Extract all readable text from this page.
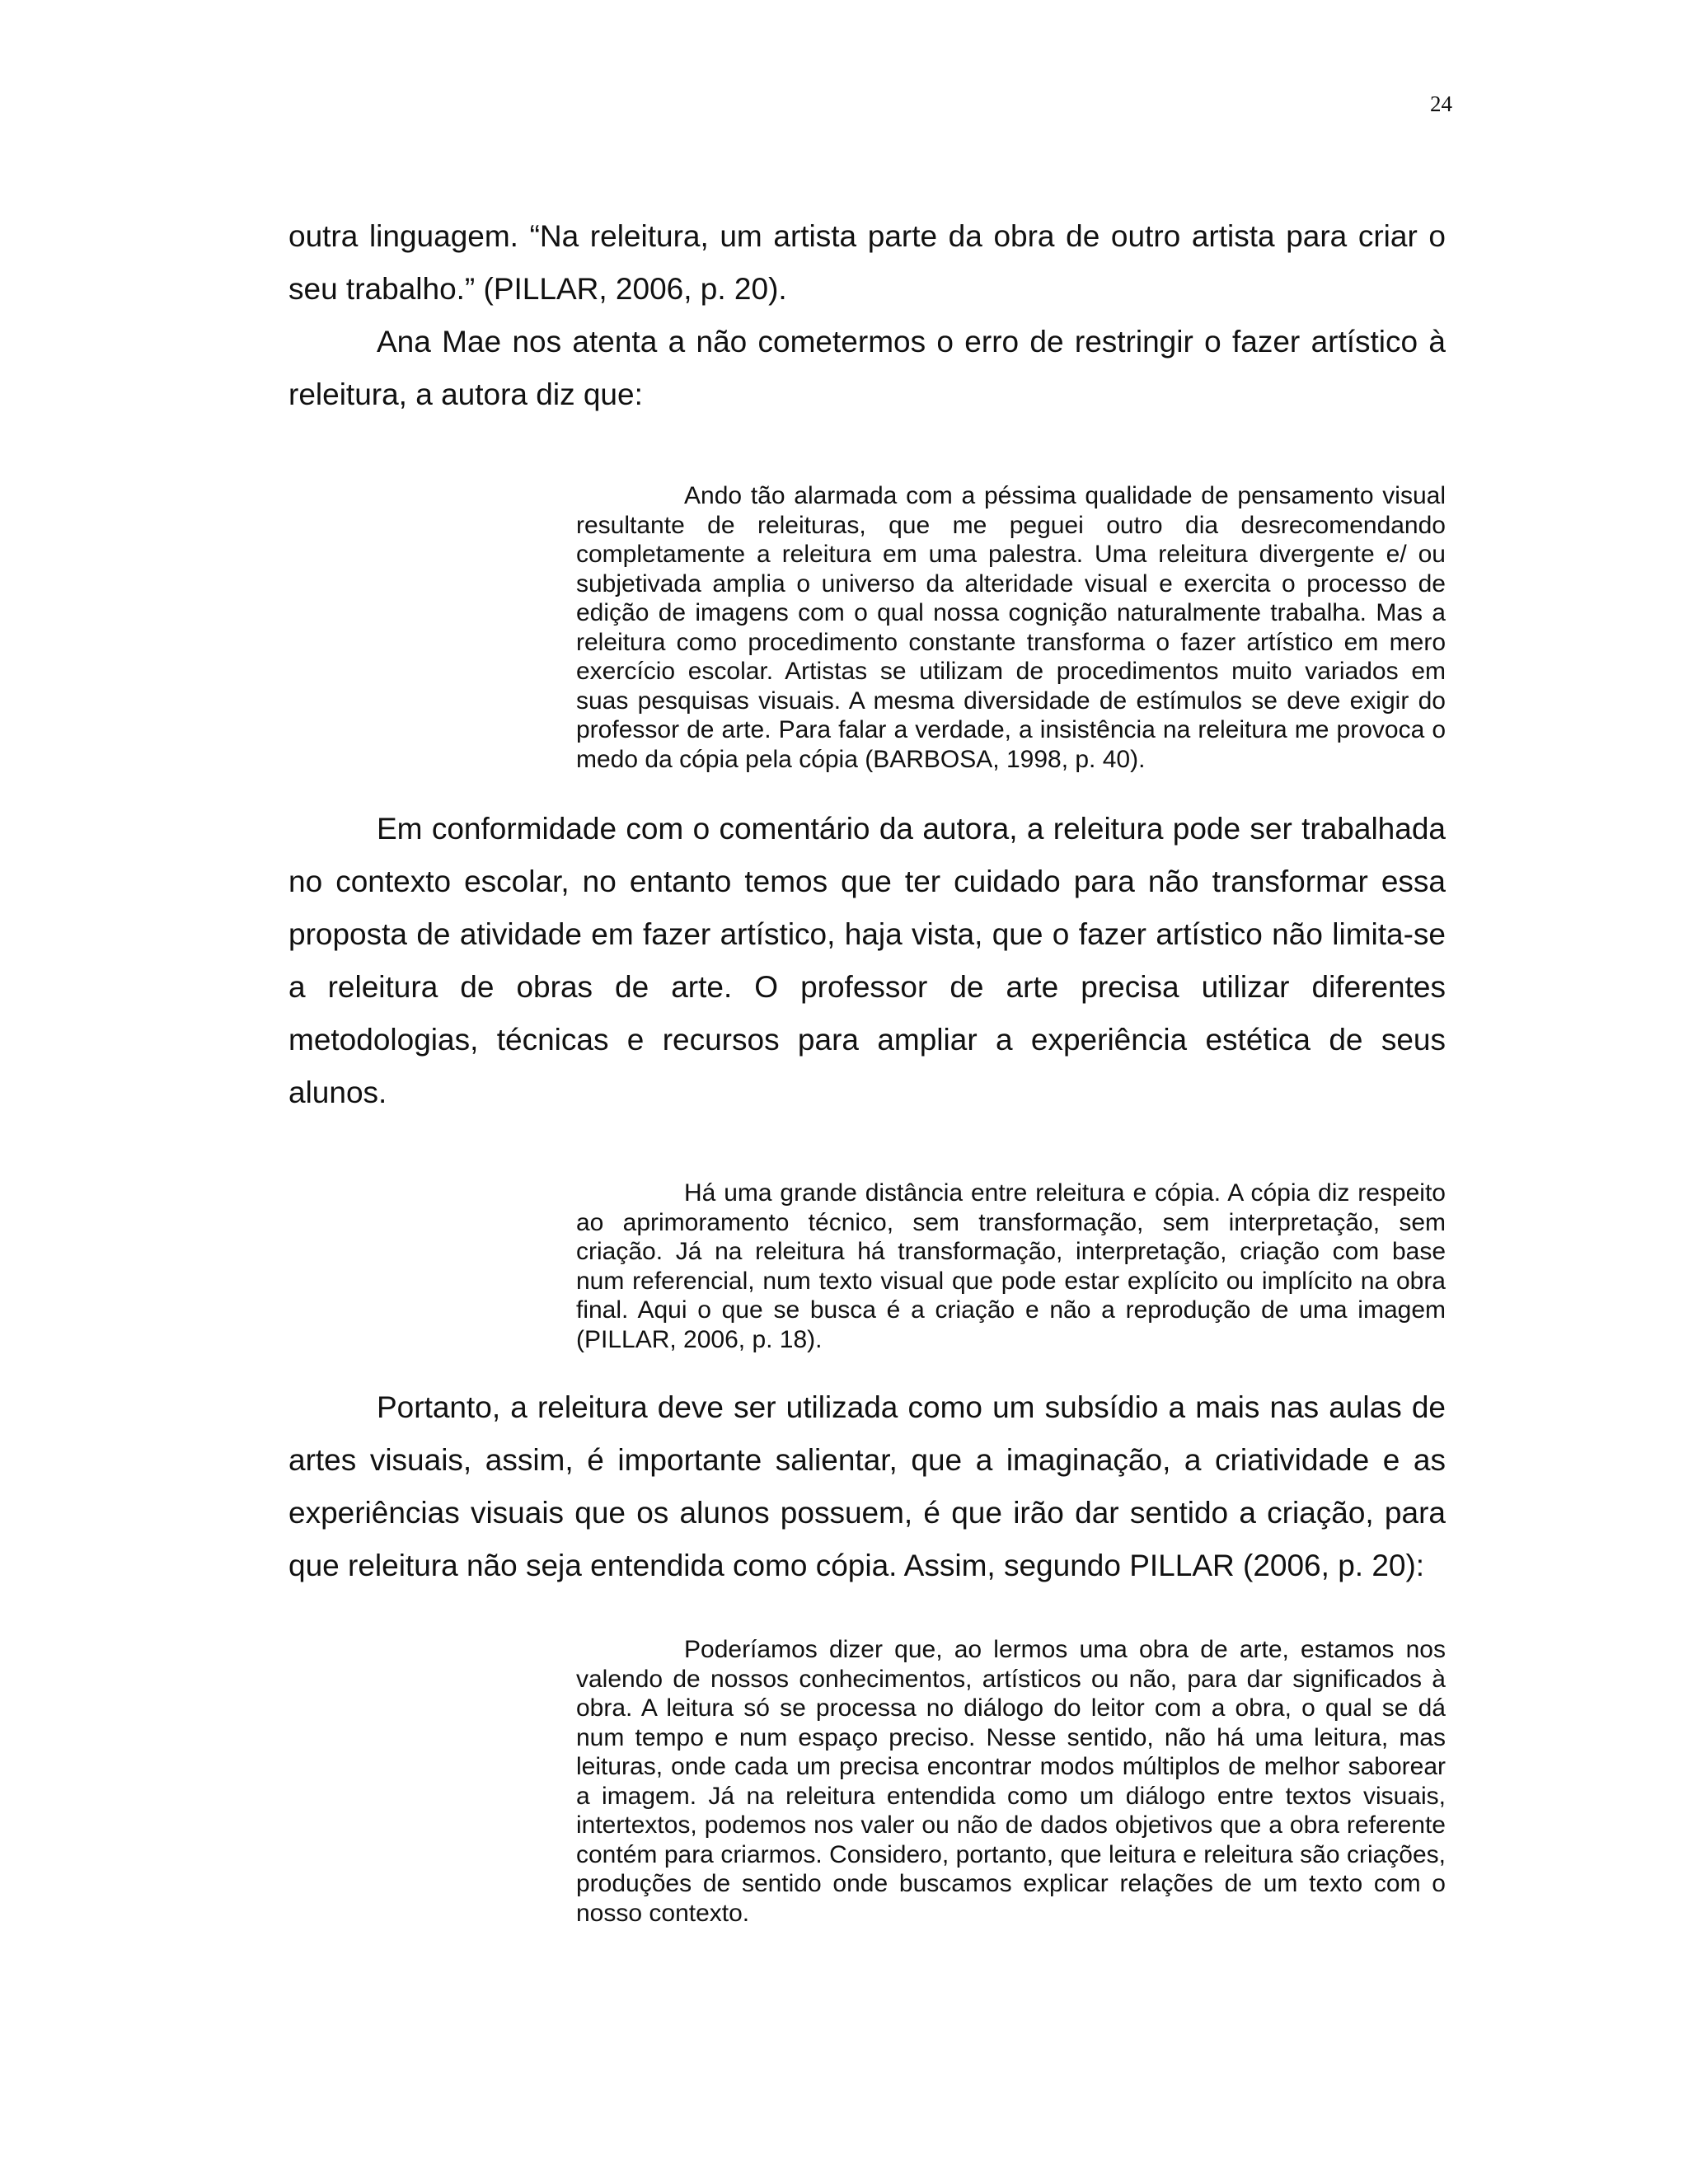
24

outra linguagem. “Na releitura, um artista parte da obra de outro artista para criar o seu trabalho.” (PILLAR, 2006, p. 20).

Ana Mae nos atenta a não cometermos o erro de restringir o fazer artístico à releitura, a autora diz que:

Ando tão alarmada com a péssima qualidade de pensamento visual resultante de releituras, que me peguei outro dia desrecomendando completamente a releitura em uma palestra. Uma releitura divergente e/ ou subjetivada amplia o universo da alteridade visual e exercita o processo de edição de imagens com o qual nossa cognição naturalmente trabalha. Mas a releitura como procedimento constante transforma o fazer artístico em mero exercício escolar. Artistas se utilizam de procedimentos muito variados em suas pesquisas visuais. A mesma diversidade de estímulos se deve exigir do professor de arte. Para falar a verdade, a insistência na releitura me provoca o medo da cópia pela cópia (BARBOSA, 1998, p. 40).

Em conformidade com o comentário da autora, a releitura pode ser trabalhada no contexto escolar, no entanto temos que ter cuidado para não transformar essa proposta de atividade em fazer artístico, haja vista, que o fazer artístico não limita-se a releitura de obras de arte. O professor de arte precisa utilizar diferentes metodologias, técnicas e recursos para ampliar a experiência estética de seus alunos.

Há uma grande distância entre releitura e cópia. A cópia diz respeito ao aprimoramento técnico, sem transformação, sem interpretação, sem criação. Já na releitura há transformação, interpretação, criação com base num referencial, num texto visual que pode estar explícito ou implícito na obra final. Aqui o que se busca é a criação e não a reprodução de uma imagem (PILLAR, 2006, p. 18).

Portanto, a releitura deve ser utilizada como um subsídio a mais nas aulas de artes visuais, assim, é importante salientar, que a imaginação, a criatividade e as experiências visuais que os alunos possuem, é que irão dar sentido a criação, para que releitura não seja entendida como cópia. Assim, segundo PILLAR (2006, p. 20):

Poderíamos dizer que, ao lermos uma obra de arte, estamos nos valendo de nossos conhecimentos, artísticos ou não, para dar significados à obra. A leitura só se processa no diálogo do leitor com a obra, o qual se dá num tempo e num espaço preciso. Nesse sentido, não há uma leitura, mas leituras, onde cada um precisa encontrar modos múltiplos de melhor saborear a imagem. Já na releitura entendida como um diálogo entre textos visuais, intertextos, podemos nos valer ou não de dados objetivos que a obra referente contém para criarmos. Considero, portanto, que leitura e releitura são criações, produções de sentido onde buscamos explicar relações de um texto com o nosso contexto.
